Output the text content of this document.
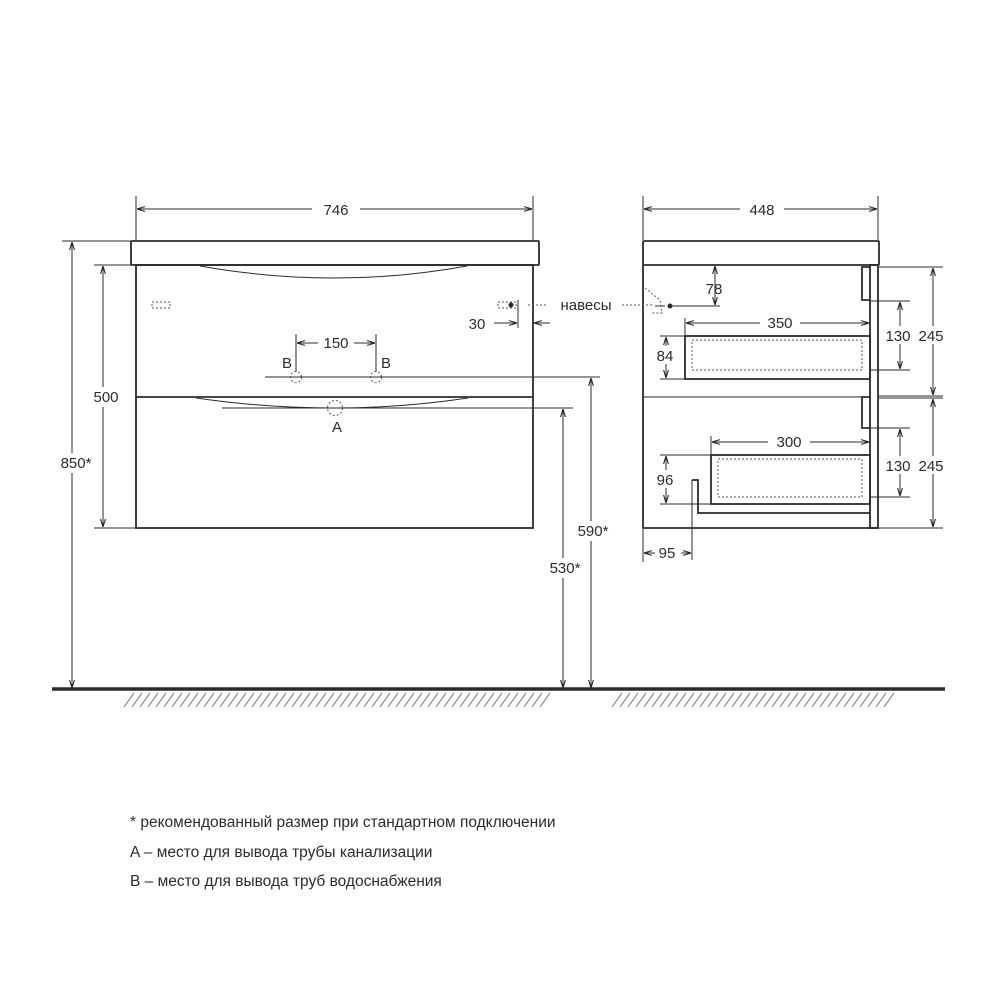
746
500
850*
150
B	B
A
30
590*
530*
навесы
448
78
350
84
300
96
130 245
130 245
95
* рекомендованный размер при стандартном подключении
A – место для вывода трубы канализации
B – место для вывода труб водоснабжения
